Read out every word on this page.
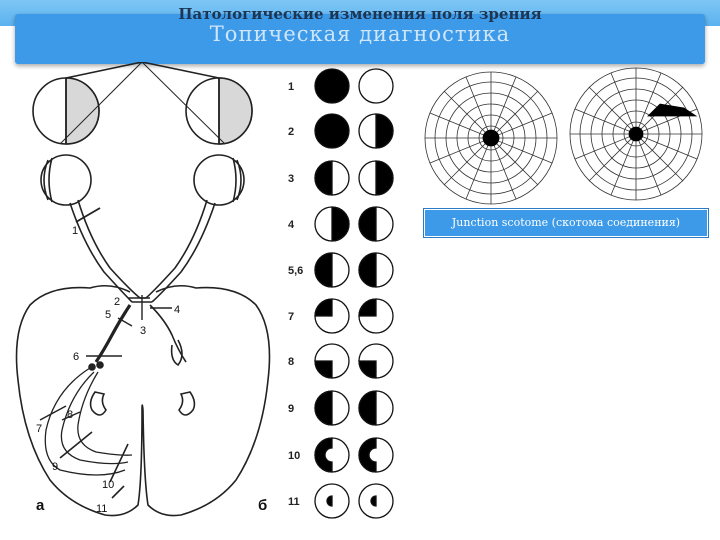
Топическая диагностика
Патологические изменения поля зрения
1
2
3
4
5
6
7
8
9
10
11
а	б
1
2
3
4
5,6
7
8
9
10
11
Junction scotome (скотома соединения)
